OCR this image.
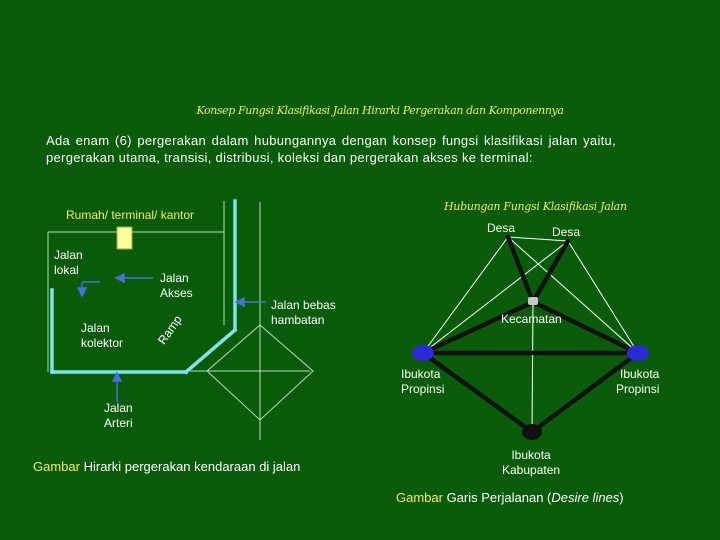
Konsep Fungsi Klasifikasi Jalan Hirarki Pergerakan dan Komponennya
Ada enam (6) pergerakan dalam hubungannya dengan konsep fungsi klasifikasi jalan yaitu, pergerakan utama, transisi, distribusi, koleksi dan pergerakan akses ke terminal:
Rumah/ terminal/ kantor
Jalan
lokal
Jalan
Akses
Jalan
kolektor	Ramp
Jalan bebas
hambatan
Jalan
Arteri
Gambar Hirarki pergerakan kendaraan di jalan
Hubungan Fungsi Klasifikasi Jalan
Desa	Desa
Kecamatan
Ibukota
Propinsi
Ibukota
Propinsi
Ibukota
Kabupaten
Gambar Garis Perjalanan (Desire lines)
